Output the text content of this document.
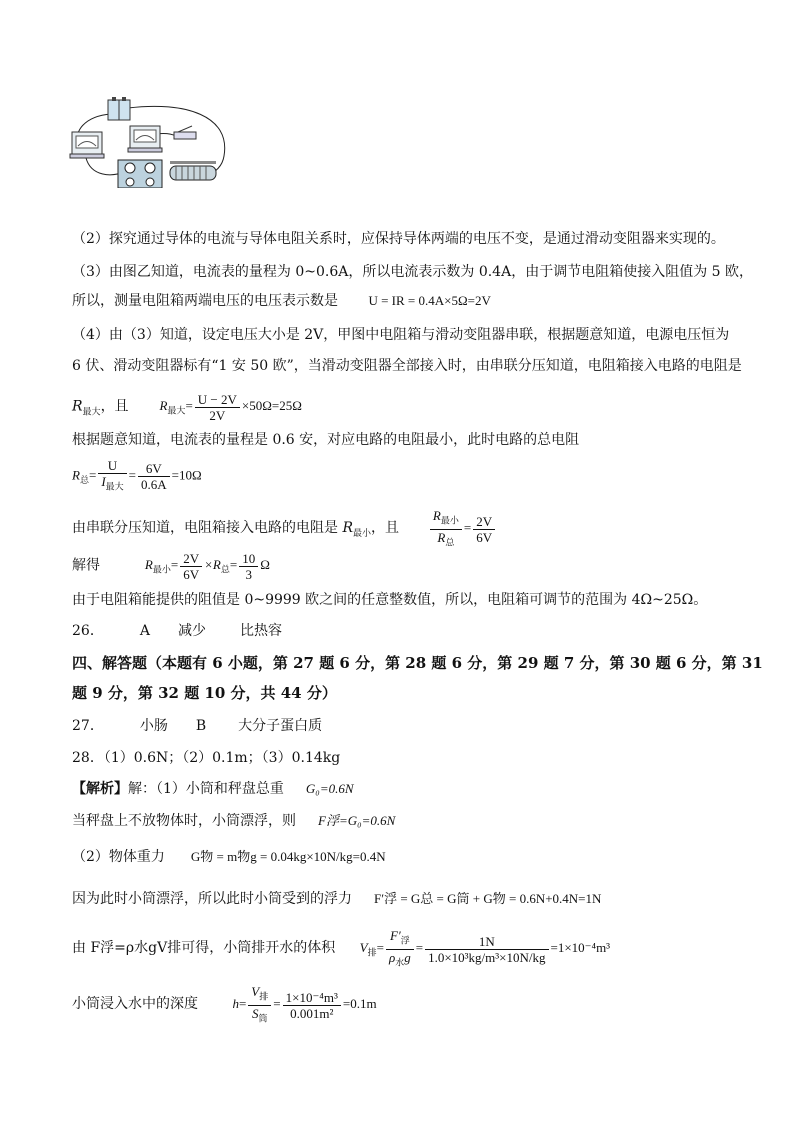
（2）探究通过导体的电流与导体电阻关系时，应保持导体两端的电压不变，是通过滑动变阻器来实现的。
（3）由图乙知道，电流表的量程为 0~0.6A，所以电流表示数为 0.4A，由于调节电阻箱使接入阻值为 5 欧，
所以，测量电阻箱两端电压的电压表示数是 U = IR = 0.4A×5Ω=2V
（4）由（3）知道，设定电压大小是 2V，甲图中电阻箱与滑动变阻器串联，根据题意知道，电源电压恒为
6 伏、滑动变阻器标有“1 安 50 欧”，当滑动变阻器全部接入时，由串联分压知道，电阻箱接入电路的电阻是
$R_{最大}$，且 $R_{最大}= \frac{U - 2V}{2V} \times 50\Omega=25\Omega$
根据题意知道，电流表的量程是 0.6 安，对应电路的电阻最小，此时电路的总电阻
$R_总= \frac{U}{I_{最大}} = \frac{6V}{0.6A} =10\Omega$
由串联分压知道，电阻箱接入电路的电阻是 $R_{最小}$，且 $\frac{R_{最小}}{R_总} = \frac{2V}{6V}$
解得	$R_{最小}= \frac{2V}{6V} \times R_总= \frac{10}{3}$ Ω
由于电阻箱能提供的阻值是 0~9999 欧之间的任意整数值，所以，电阻箱可调节的范围为 4Ω~25Ω。
26．	A 减少 比热容
四、解答题（本题有 6 小题，第 27 题 6 分，第 28 题 6 分，第 29 题 7 分，第 30 题 6 分，第 31
题 9 分，第 32 题 10 分，共 44 分）
27．	小肠 B 大分子蛋白质
28．（1）0.6N；（2）0.1m；（3）0.14kg
【解析】解：（1）小筒和秤盘总重 G₀=0.6N
当秤盘上不放物体时，小筒漂浮，则 F浮=G₀=0.6N
（2）物体重力 G物 = m物g = 0.04kg×10N/kg=0.4N
因为此时小筒漂浮，所以此时小筒受到的浮力 F′浮 = G总 = G筒 + G物 = 0.6N+0.4N=1N
由 F浮=ρ水gV排可得，小筒排开水的体积 $V_排= \frac{F'_浮}{\rho_水g} = \frac{1N}{\text{1.0×10³kg/m³×10N/kg}} =1\times 10^{-4}m^3$
小筒浸入水中的深度	$h= \frac{V_排}{S_筒} = \frac{\text{1×10⁻⁴m³}}{\text{0.001m²}} =0.1m$
